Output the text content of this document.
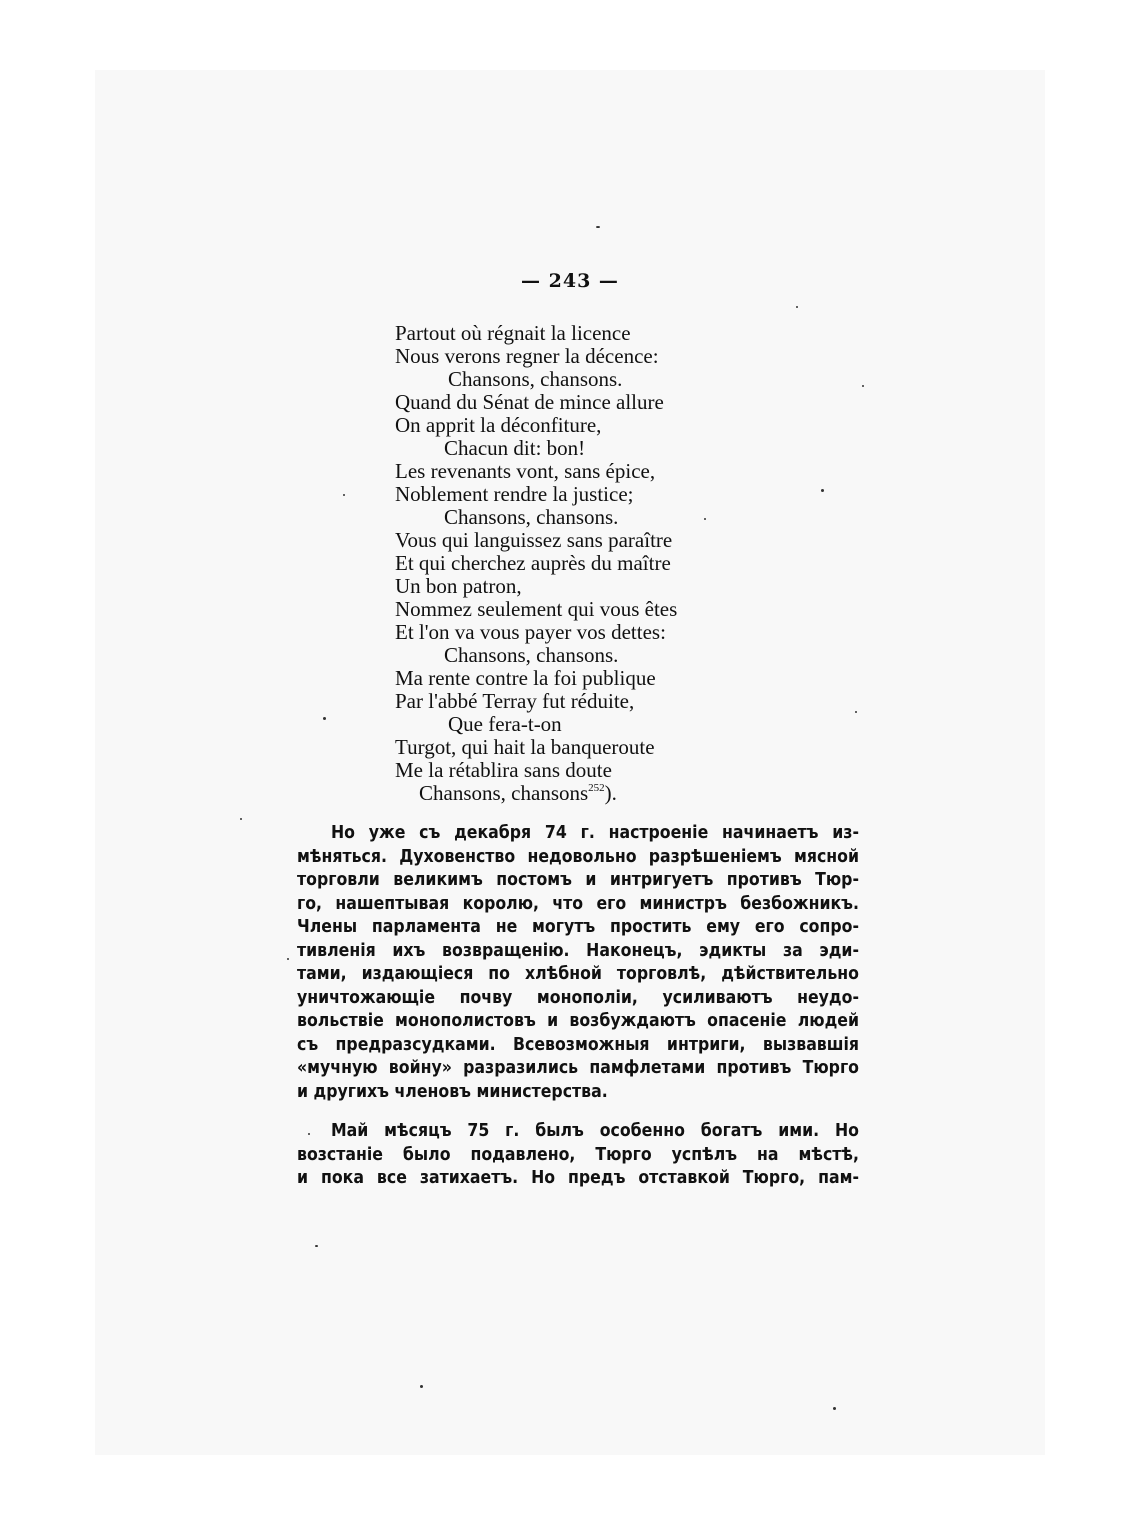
— 243 —
Partout où régnait la licence
Nous verons regner la décence:
Chansons, chansons.
Quand du Sénat de mince allure
On apprit la déconfiture,
Chacun dit: bon!
Les revenants vont, sans épice,
Noblement rendre la justice;
Chansons, chansons.
Vous qui languissez sans paraître
Et qui cherchez auprès du maître
Un bon patron,
Nommez seulement qui vous êtes
Et l'on va vous payer vos dettes:
Chansons, chansons.
Ma rente contre la foi publique
Par l'abbé Terray fut réduite,
Que fera-t-on
Turgot, qui hait la banqueroute
Me la rétablira sans doute
Chansons, chansons$^{252}$).
Но уже съ декабря 74 г. настроеніе начинаетъ из-
мѣняться. Духовенство недовольно разрѣшеніемъ мясной
торговли великимъ постомъ и интригуетъ противъ Тюр-
го, нашептывая королю, что его министръ безбожникъ.
Члены парламента не могутъ простить ему его сопро-
тивленія ихъ возвращенію. Наконецъ, эдикты за эди-
тами, издающіеся по хлѣбной торговлѣ, дѣйствительно
уничтожающіе почву монополіи, усиливаютъ неудо-
вольствіе монополистовъ и возбуждаютъ опасеніе людей
съ предразсудками. Всевозможныя интриги, вызвавшія
«мучную войну» разразились памфлетами противъ Тюрго
и другихъ членовъ министерства.
Май мѣсяцъ 75 г. былъ особенно богатъ ими. Но
возстаніе было подавлено, Тюрго успѣлъ на мѣстѣ,
и пока все затихаетъ. Но предъ отставкой Тюрго, пам-
